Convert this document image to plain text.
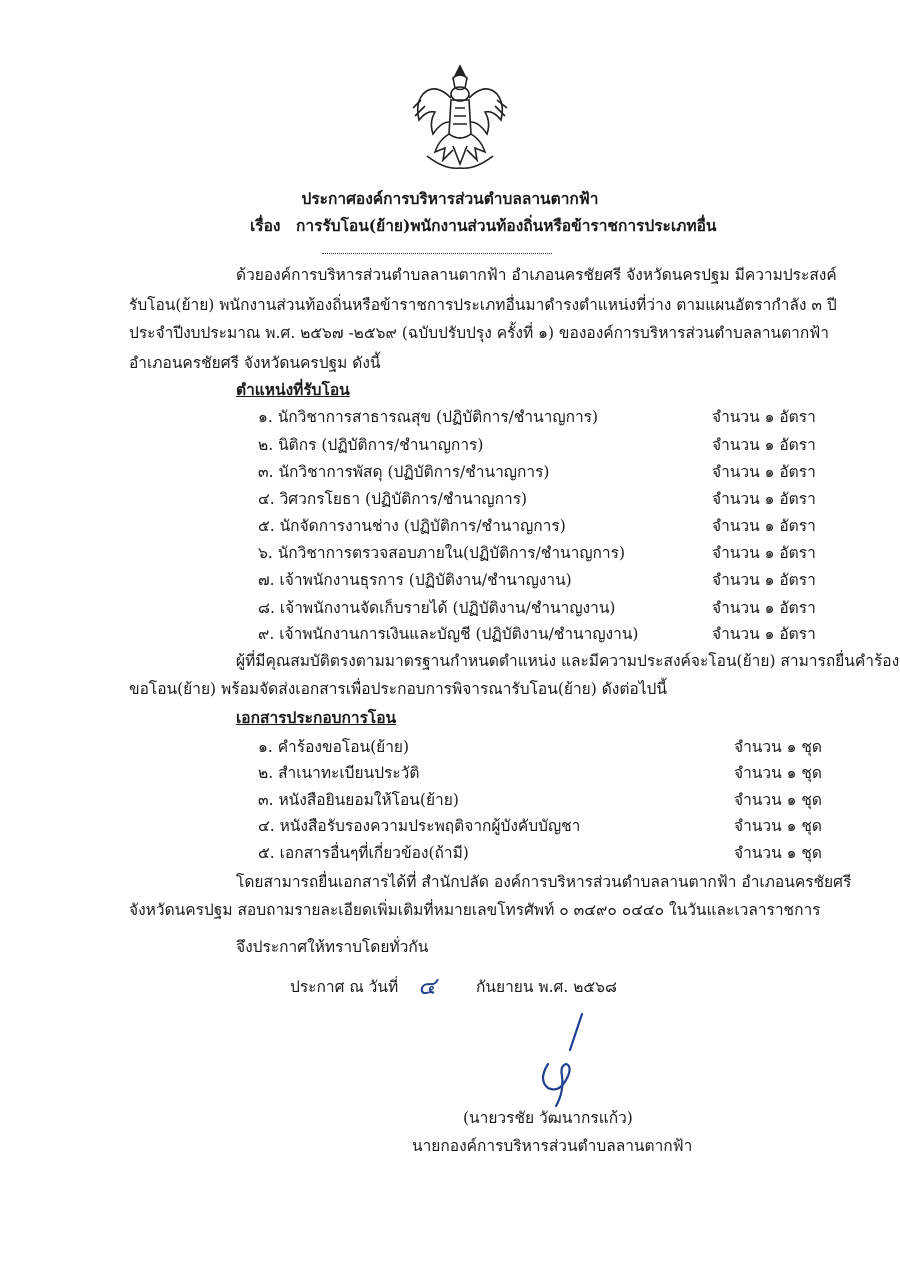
ประกาศองค์การบริหารส่วนตำบลลานตากฟ้า
เรื่อง การรับโอน(ย้าย)พนักงานส่วนท้องถิ่นหรือข้าราชการประเภทอื่น
ด้วยองค์การบริหารส่วนตำบลลานตากฟ้า อำเภอนครชัยศรี จังหวัดนครปฐม มีความประสงค์
รับโอน(ย้าย) พนักงานส่วนท้องถิ่นหรือข้าราชการประเภทอื่นมาดำรงตำแหน่งที่ว่าง ตามแผนอัตรากำลัง ๓ ปี
ประจำปีงบประมาณ พ.ศ. ๒๕๖๗ -๒๕๖๙ (ฉบับปรับปรุง ครั้งที่ ๑) ขององค์การบริหารส่วนตำบลลานตากฟ้า
อำเภอนครชัยศรี จังหวัดนครปฐม ดังนี้
ตำแหน่งที่รับโอน
๑. นักวิชาการสาธารณสุข (ปฏิบัติการ/ชำนาญการ)	จำนวน ๑ อัตรา
๒. นิติกร (ปฏิบัติการ/ชำนาญการ)	จำนวน ๑ อัตรา
๓. นักวิชาการพัสดุ (ปฏิบัติการ/ชำนาญการ)	จำนวน ๑ อัตรา
๔. วิศวกรโยธา (ปฏิบัติการ/ชำนาญการ)	จำนวน ๑ อัตรา
๕. นักจัดการงานช่าง (ปฏิบัติการ/ชำนาญการ)	จำนวน ๑ อัตรา
๖. นักวิชาการตรวจสอบภายใน(ปฏิบัติการ/ชำนาญการ)	จำนวน ๑ อัตรา
๗. เจ้าพนักงานธุรการ (ปฏิบัติงาน/ชำนาญงาน)	จำนวน ๑ อัตรา
๘. เจ้าพนักงานจัดเก็บรายได้ (ปฏิบัติงาน/ชำนาญงาน)	จำนวน ๑ อัตรา
๙. เจ้าพนักงานการเงินและบัญชี (ปฏิบัติงาน/ชำนาญงาน)	จำนวน ๑ อัตรา
ผู้ที่มีคุณสมบัติตรงตามมาตรฐานกำหนดตำแหน่ง และมีความประสงค์จะโอน(ย้าย) สามารถยื่นคำร้อง
ขอโอน(ย้าย) พร้อมจัดส่งเอกสารเพื่อประกอบการพิจารณารับโอน(ย้าย) ดังต่อไปนี้
เอกสารประกอบการโอน
๑. คำร้องขอโอน(ย้าย)	จำนวน ๑ ชุด
๒. สำเนาทะเบียนประวัติ	จำนวน ๑ ชุด
๓. หนังสือยินยอมให้โอน(ย้าย)	จำนวน ๑ ชุด
๔. หนังสือรับรองความประพฤติจากผู้บังคับบัญชา	จำนวน ๑ ชุด
๕. เอกสารอื่นๆที่เกี่ยวข้อง(ถ้ามี)	จำนวน ๑ ชุด
โดยสามารถยื่นเอกสารได้ที่ สำนักปลัด องค์การบริหารส่วนตำบลลานตากฟ้า อำเภอนครชัยศรี
จังหวัดนครปฐม สอบถามรายละเอียดเพิ่มเติมที่หมายเลขโทรศัพท์ ๐ ๓๔๙๐ ๐๔๔๐ ในวันและเวลาราชการ
จึงประกาศให้ทราบโดยทั่วกัน
ประกาศ ณ วันที่ ๔	กันยายน พ.ศ. ๒๕๖๘
(นายวรชัย วัฒนากรแก้ว)
นายกองค์การบริหารส่วนตำบลลานตากฟ้า
